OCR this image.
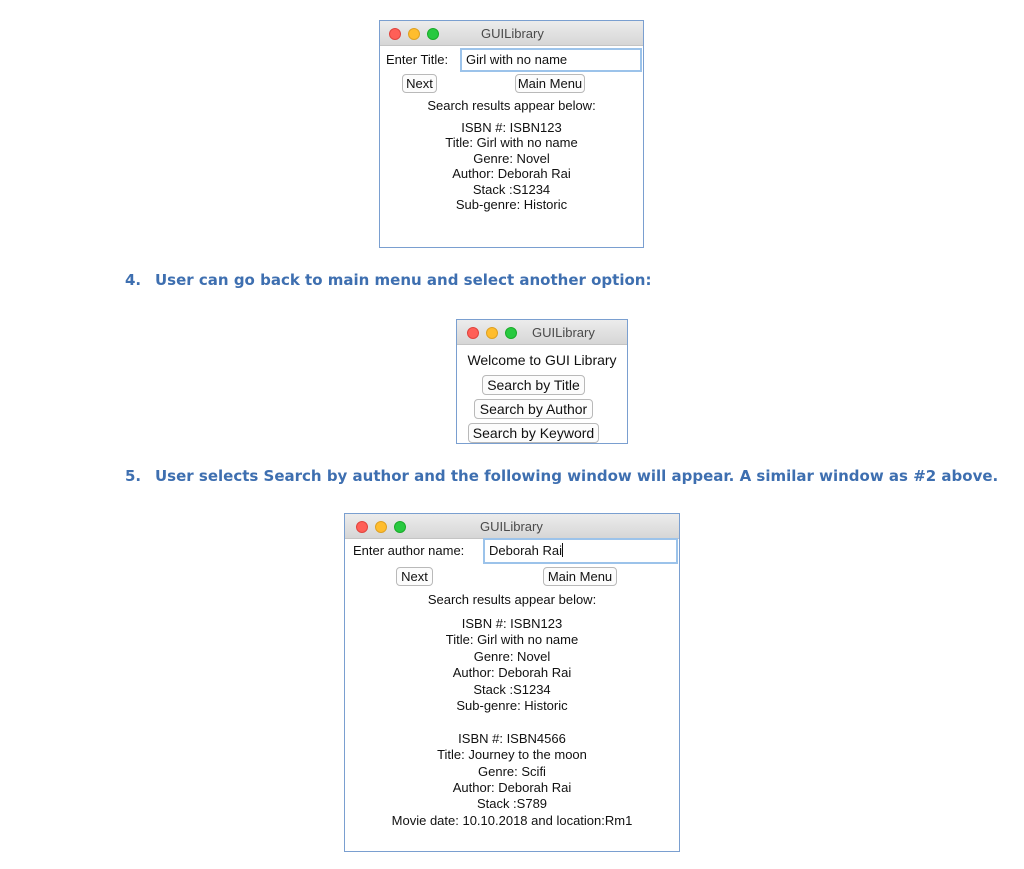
GUILibrary
Enter Title:	Girl with no name
Next	Main Menu
Search results appear below:
ISBN #: ISBN123
Title: Girl with no name
Genre: Novel
Author: Deborah Rai
Stack :S1234
Sub-genre: Historic
4. User can go back to main menu and select another option:
GUILibrary
Welcome to GUI Library
Search by Title
Search by Author
Search by Keyword
5. User selects Search by author and the following window will appear. A similar window as #2 above.
GUILibrary
Enter author name:	Deborah Rai
Next	Main Menu
Search results appear below:
ISBN #: ISBN123
Title: Girl with no name
Genre: Novel
Author: Deborah Rai
Stack :S1234
Sub-genre: Historic
ISBN #: ISBN4566
Title: Journey to the moon
Genre: Scifi
Author: Deborah Rai
Stack :S789
Movie date: 10.10.2018 and location:Rm1
